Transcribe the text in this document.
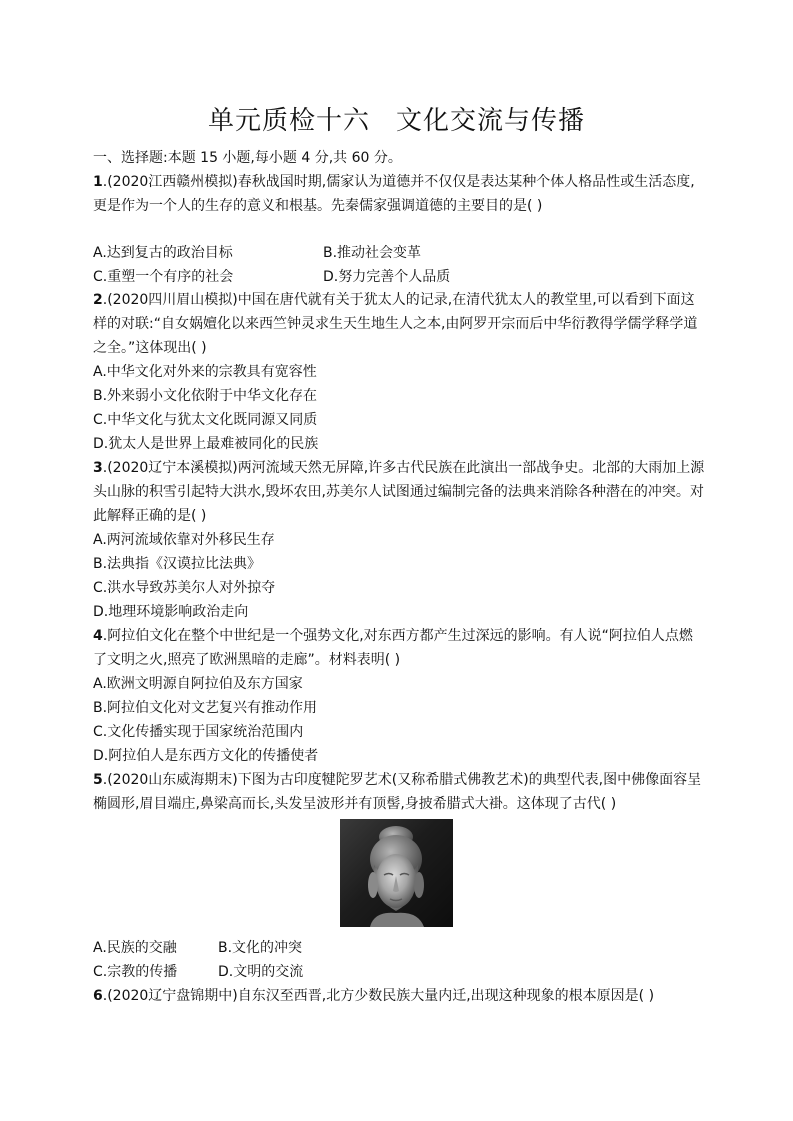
单元质检十六 文化交流与传播
一、选择题:本题 15 小题,每小题 4 分,共 60 分。
1.(2020江西赣州模拟)春秋战国时期,儒家认为道德并不仅仅是表达某种个体人格品性或生活态度,更是作为一个人的生存的意义和根基。先秦儒家强调道德的主要目的是( )
A.达到复古的政治目标	B.推动社会变革
C.重塑一个有序的社会	D.努力完善个人品质
2.(2020四川眉山模拟)中国在唐代就有关于犹太人的记录,在清代犹太人的教堂里,可以看到下面这样的对联:“自女娲嬗化以来西竺钟灵求生天生地生人之本,由阿罗开宗而后中华衍教得学儒学释学道之全。”这体现出( )
A.中华文化对外来的宗教具有宽容性
B.外来弱小文化依附于中华文化存在
C.中华文化与犹太文化既同源又同质
D.犹太人是世界上最难被同化的民族
3.(2020辽宁本溪模拟)两河流域天然无屏障,许多古代民族在此演出一部战争史。北部的大雨加上源头山脉的积雪引起特大洪水,毁坏农田,苏美尔人试图通过编制完备的法典来消除各种潜在的冲突。对此解释正确的是( )
A.两河流域依靠对外移民生存
B.法典指《汉谟拉比法典》
C.洪水导致苏美尔人对外掠夺
D.地理环境影响政治走向
4.阿拉伯文化在整个中世纪是一个强势文化,对东西方都产生过深远的影响。有人说“阿拉伯人点燃了文明之火,照亮了欧洲黑暗的走廊”。材料表明( )
A.欧洲文明源自阿拉伯及东方国家
B.阿拉伯文化对文艺复兴有推动作用
C.文化传播实现于国家统治范围内
D.阿拉伯人是东西方文化的传播使者
5.(2020山东威海期末)下图为古印度犍陀罗艺术(又称希腊式佛教艺术)的典型代表,图中佛像面容呈椭圆形,眉目端庄,鼻梁高而长,头发呈波形并有顶髻,身披希腊式大褂。这体现了古代( )
A.民族的交融	B.文化的冲突
C.宗教的传播	D.文明的交流
6.(2020辽宁盘锦期中)自东汉至西晋,北方少数民族大量内迁,出现这种现象的根本原因是( )
